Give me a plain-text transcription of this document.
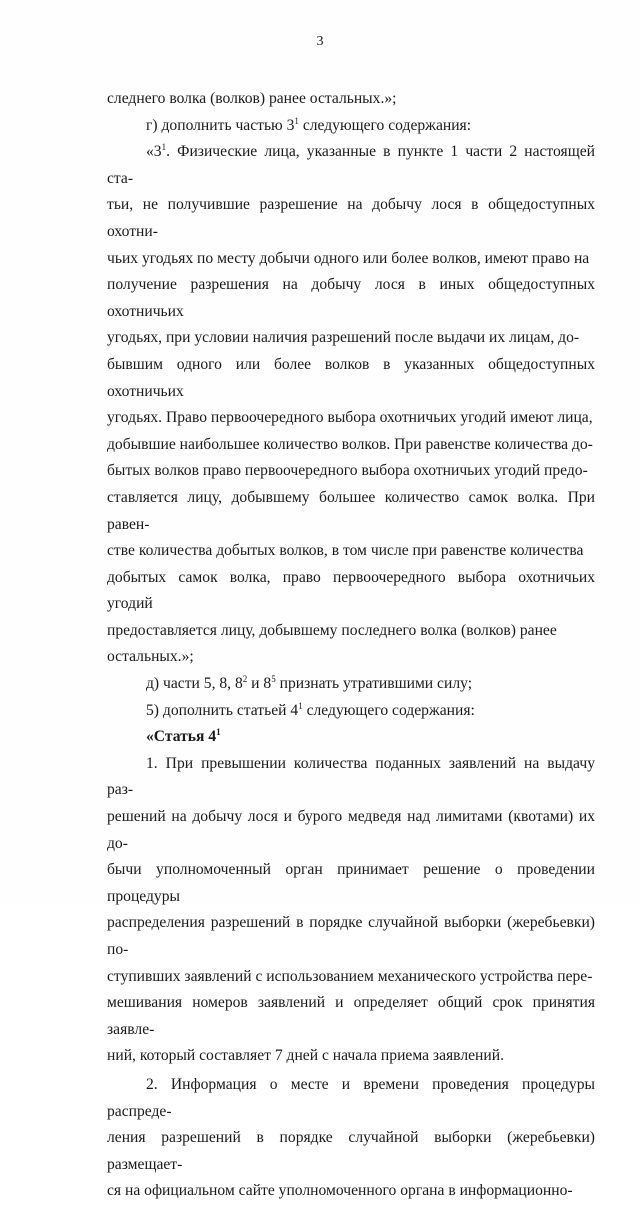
3
следнего волка (волков) ранее остальных.»;
г) дополнить частью $3^1$ следующего содержания:
«$3^1$. Физические лица, указанные в пункте 1 части 2 настоящей ста-
тьи, не получившие разрешение на добычу лося в общедоступных охотни-
чьих угодьях по месту добычи одного или более волков, имеют право на
получение разрешения на добычу лося в иных общедоступных охотничьих
угодьях, при условии наличия разрешений после выдачи их лицам, до-
бывшим одного или более волков в указанных общедоступных охотничьих
угодьях. Право первоочередного выбора охотничьих угодий имеют лица,
добывшие наибольшее количество волков. При равенстве количества до-
бытых волков право первоочередного выбора охотничьих угодий предо-
ставляется лицу, добывшему большее количество самок волка. При равен-
стве количества добытых волков, в том числе при равенстве количества
добытых самок волка, право первоочередного выбора охотничьих угодий
предоставляется лицу, добывшему последнего волка (волков) ранее
остальных.»;
д) части 5, 8, $8^2$ и $8^5$ признать утратившими силу;
5) дополнить статьей $4^1$ следующего содержания:
«Статья $4^1$
1. При превышении количества поданных заявлений на выдачу раз-
решений на добычу лося и бурого медведя над лимитами (квотами) их до-
бычи уполномоченный орган принимает решение о проведении процедуры
распределения разрешений в порядке случайной выборки (жеребьевки) по-
ступивших заявлений с использованием механического устройства пере-
мешивания номеров заявлений и определяет общий срок принятия заявле-
ний, который составляет 7 дней с начала приема заявлений.
2. Информация о месте и времени проведения процедуры распреде-
ления разрешений в порядке случайной выборки (жеребьевки) размещает-
ся на официальном сайте уполномоченного органа в информационно-
